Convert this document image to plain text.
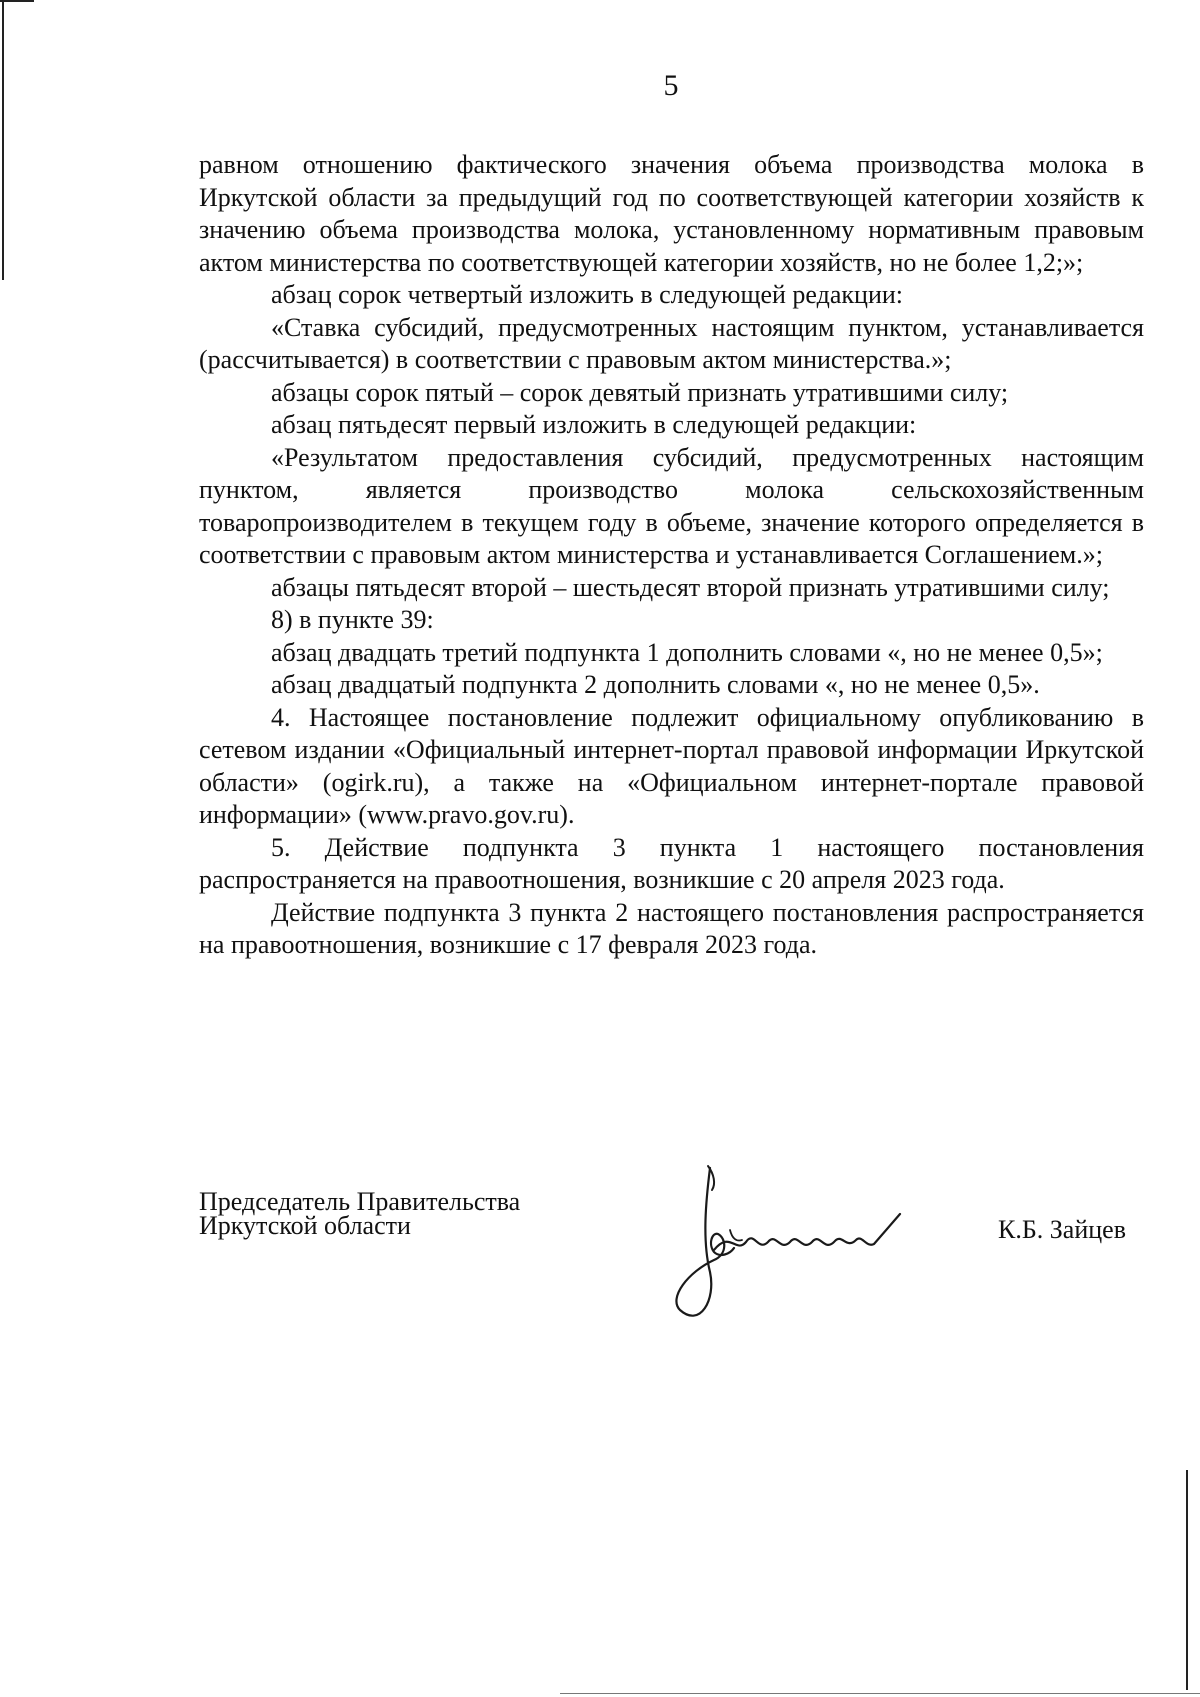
5

равном отношению фактического значения объема производства молока в Иркутской области за предыдущий год по соответствующей категории хозяйств к значению объема производства молока, установленному нормативным правовым актом министерства по соответствующей категории хозяйств, но не более 1,2;»;

абзац сорок четвертый изложить в следующей редакции:

«Ставка субсидий, предусмотренных настоящим пунктом, устанавливается (рассчитывается) в соответствии с правовым актом министерства.»;

абзацы сорок пятый – сорок девятый признать утратившими силу;

абзац пятьдесят первый изложить в следующей редакции:

«Результатом предоставления субсидий, предусмотренных настоящим пунктом, является производство молока сельскохозяйственным товаропроизводителем в текущем году в объеме, значение которого определяется в соответствии с правовым актом министерства и устанавливается Соглашением.»;

абзацы пятьдесят второй – шестьдесят второй признать утратившими силу;

8) в пункте 39:

абзац двадцать третий подпункта 1 дополнить словами «, но не менее 0,5»;

абзац двадцатый подпункта 2 дополнить словами «, но не менее 0,5».

4. Настоящее постановление подлежит официальному опубликованию в сетевом издании «Официальный интернет-портал правовой информации Иркутской области» (ogirk.ru), а также на «Официальном интернет-портале правовой информации» (www.pravo.gov.ru).

5. Действие подпункта 3 пункта 1 настоящего постановления распространяется на правоотношения, возникшие с 20 апреля 2023 года.

Действие подпункта 3 пункта 2 настоящего постановления распространяется на правоотношения, возникшие с 17 февраля 2023 года.

Председатель Правительства
Иркутской области	К.Б. Зайцев
